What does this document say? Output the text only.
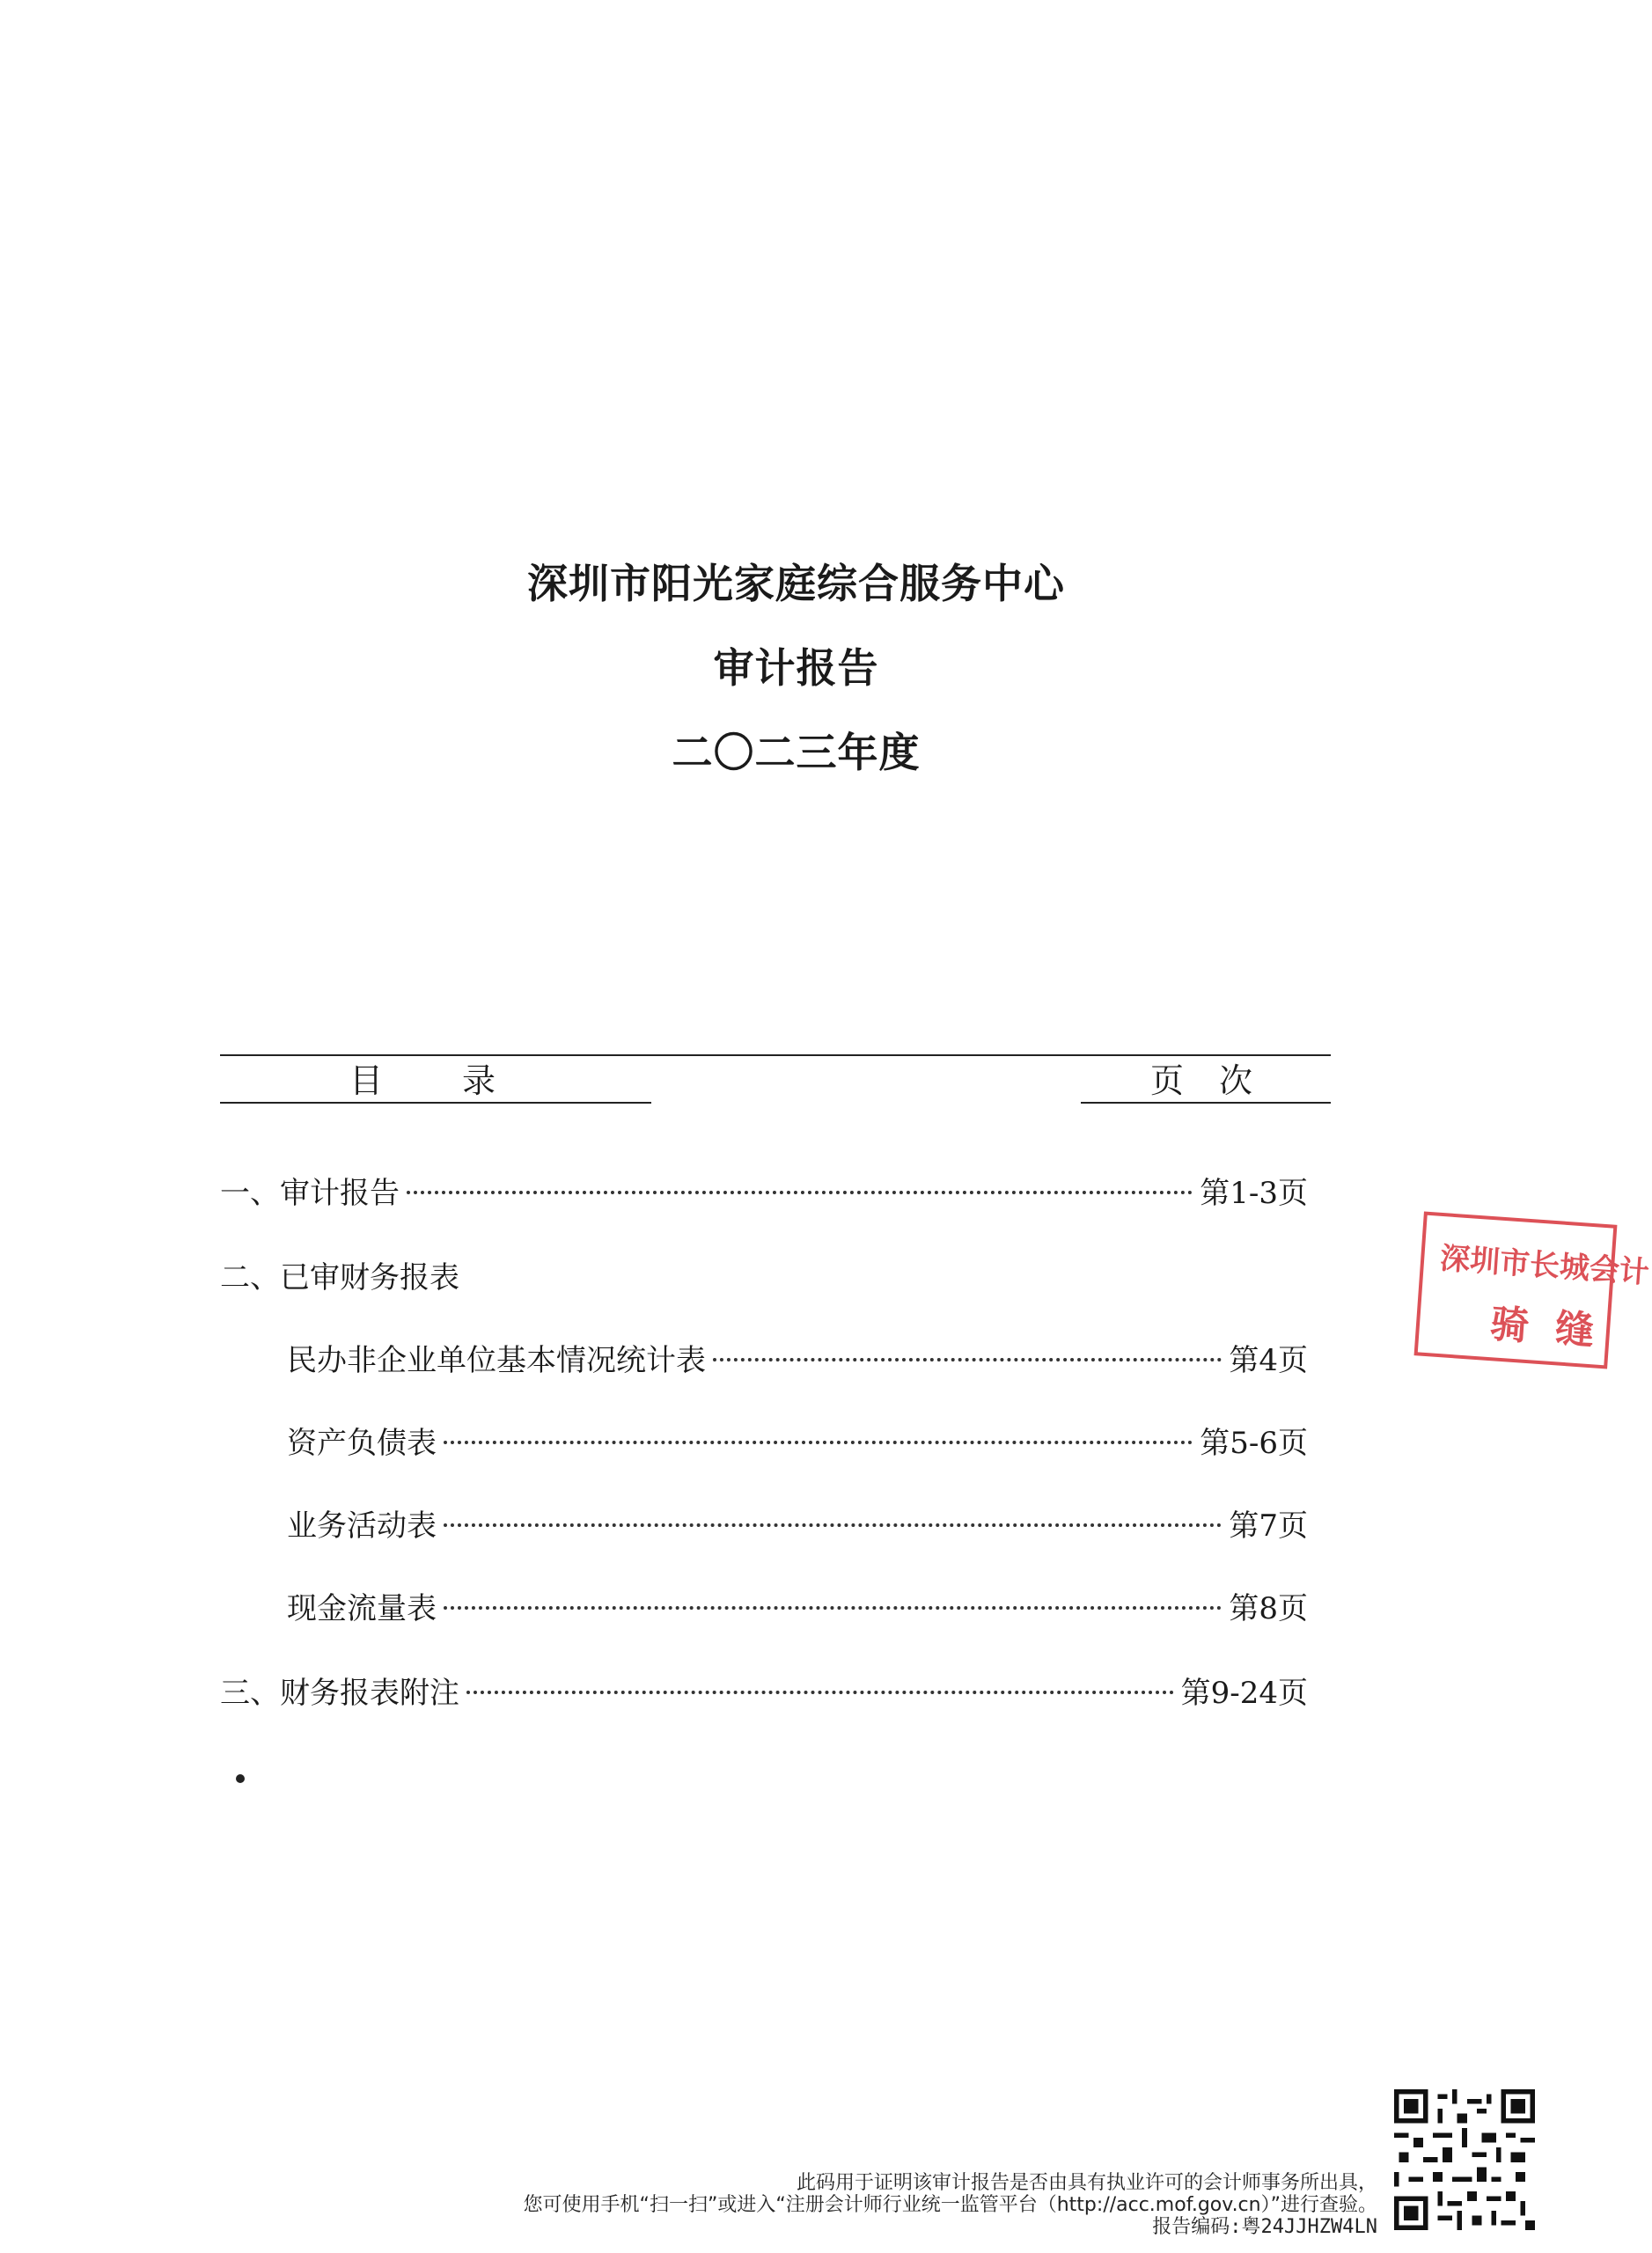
深圳市阳光家庭综合服务中心
审计报告
二〇二三年度
目录	页次
一、审计报告	第1-3页
二、已审财务报表
民办非企业单位基本情况统计表	第4页
资产负债表	第5-6页
业务活动表	第7页
现金流量表	第8页
三、财务报表附注	第9-24页
深圳市长城会计
骑缝
此码用于证明该审计报告是否由具有执业许可的会计师事务所出具，
您可使用手机“扫一扫”或进入“注册会计师行业统一监管平台（http://acc.mof.gov.cn）”进行查验。
报告编码:粤24JJHZW4LN
